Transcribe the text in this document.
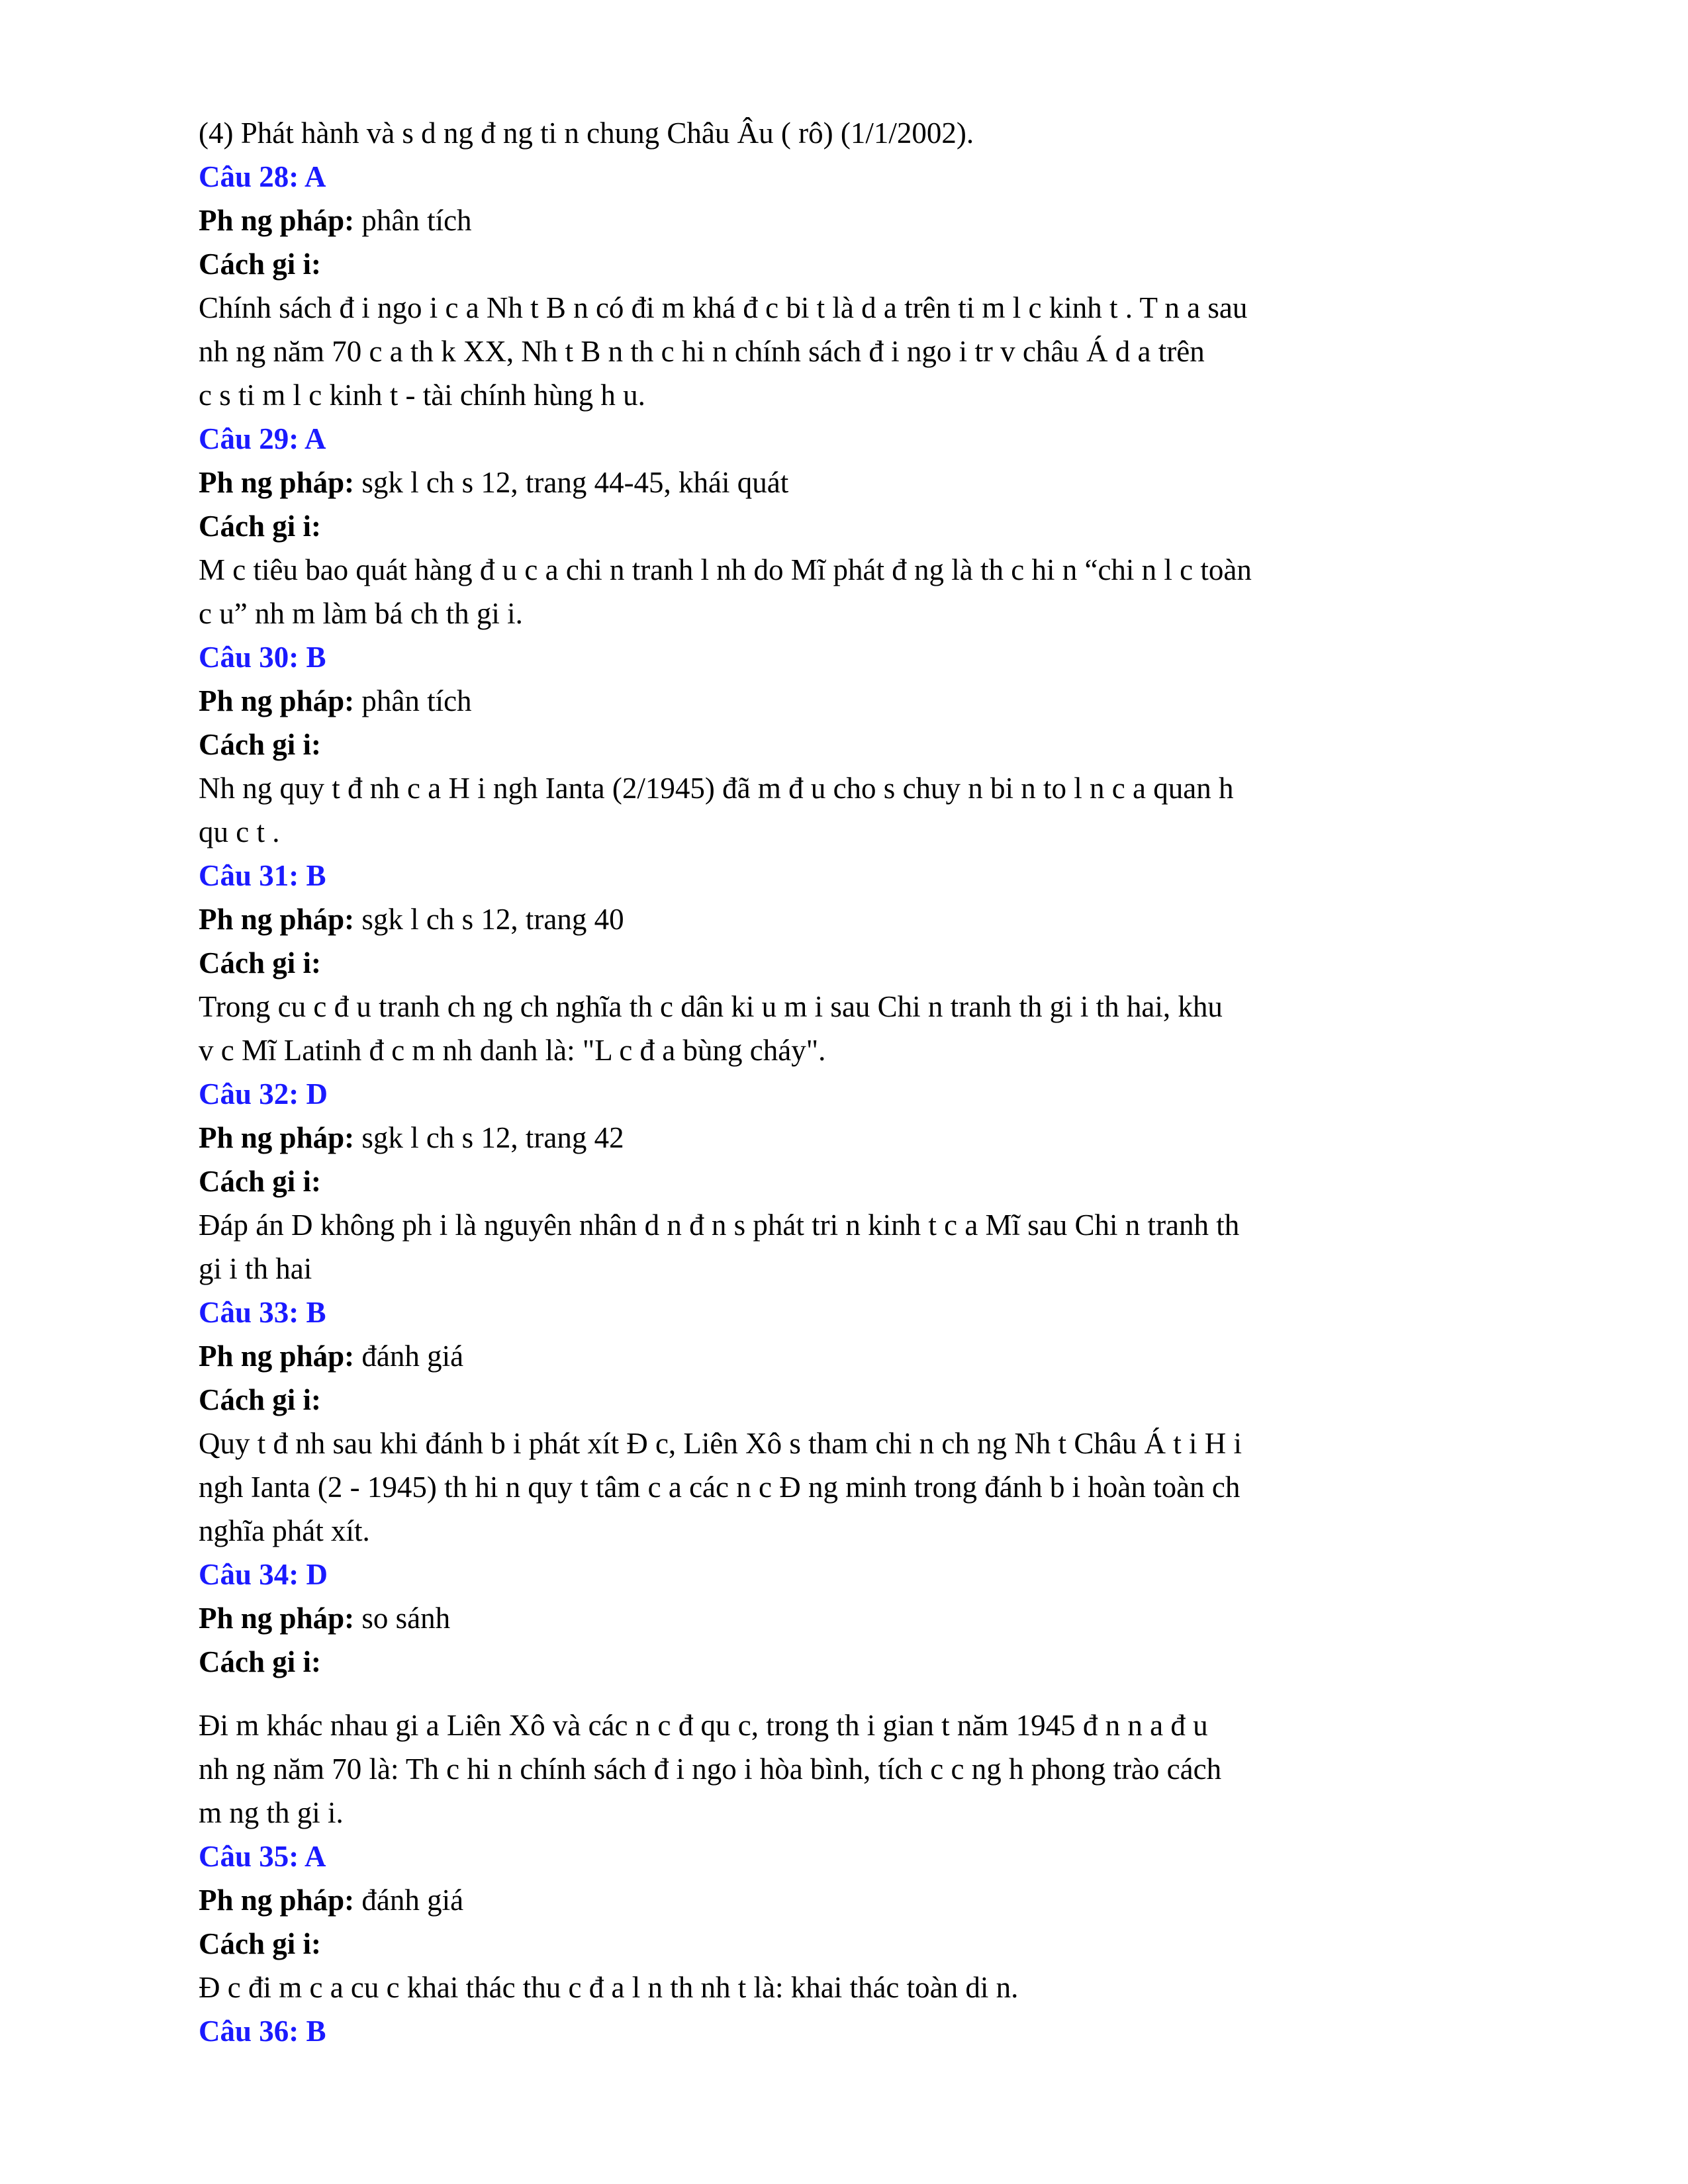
(4) Phát hành và s d ng đ ng ti n chung Châu Âu ( rô) (1/1/2002).
Câu 28: A
Ph ng pháp: phân tích
Cách gi i:
Chính sách đ i ngo i c a Nh t B n có đi m khá đ c bi t là d a trên ti m l c kinh t . T n a sau
nh ng năm 70 c a th k XX, Nh t B n th c hi n chính sách đ i ngo i tr v châu Á d a trên
c s ti m l c kinh t - tài chính hùng h u.
Câu 29: A
Ph ng pháp: sgk l ch s 12, trang 44-45, khái quát
Cách gi i:
M c tiêu bao quát hàng đ u c a chi n tranh l nh do Mĩ phát đ ng là th c hi n “chi n l c toàn
c u” nh m làm bá ch th gi i.
Câu 30: B
Ph ng pháp: phân tích
Cách gi i:
Nh ng quy t đ nh c a H i ngh Ianta (2/1945) đã m đ u cho s chuy n bi n to l n c a quan h
qu c t .
Câu 31: B
Ph ng pháp: sgk l ch s 12, trang 40
Cách gi i:
Trong cu c đ u tranh ch ng ch nghĩa th c dân ki u m i sau Chi n tranh th gi i th hai, khu
v c Mĩ Latinh đ c m nh danh là: "L c đ a bùng cháy".
Câu 32: D
Ph ng pháp: sgk l ch s 12, trang 42
Cách gi i:
Đáp án D không ph i là nguyên nhân d n đ n s phát tri n kinh t c a Mĩ sau Chi n tranh th
gi i th hai
Câu 33: B
Ph ng pháp: đánh giá
Cách gi i:
Quy t đ nh sau khi đánh b i phát xít Đ c, Liên Xô s tham chi n ch ng Nh t Châu Á t i H i
ngh Ianta (2 - 1945) th hi n quy t tâm c a các n c Đ ng minh trong đánh b i hoàn toàn ch
nghĩa phát xít.
Câu 34: D
Ph ng pháp: so sánh
Cách gi i:
Đi m khác nhau gi a Liên Xô và các n c đ qu c, trong th i gian t năm 1945 đ n n a đ u
nh ng năm 70 là: Th c hi n chính sách đ i ngo i hòa bình, tích c c ng h phong trào cách
m ng th gi i.
Câu 35: A
Ph ng pháp: đánh giá
Cách gi i:
Đ c đi m c a cu c khai thác thu c đ a l n th nh t là: khai thác toàn di n.
Câu 36: B
